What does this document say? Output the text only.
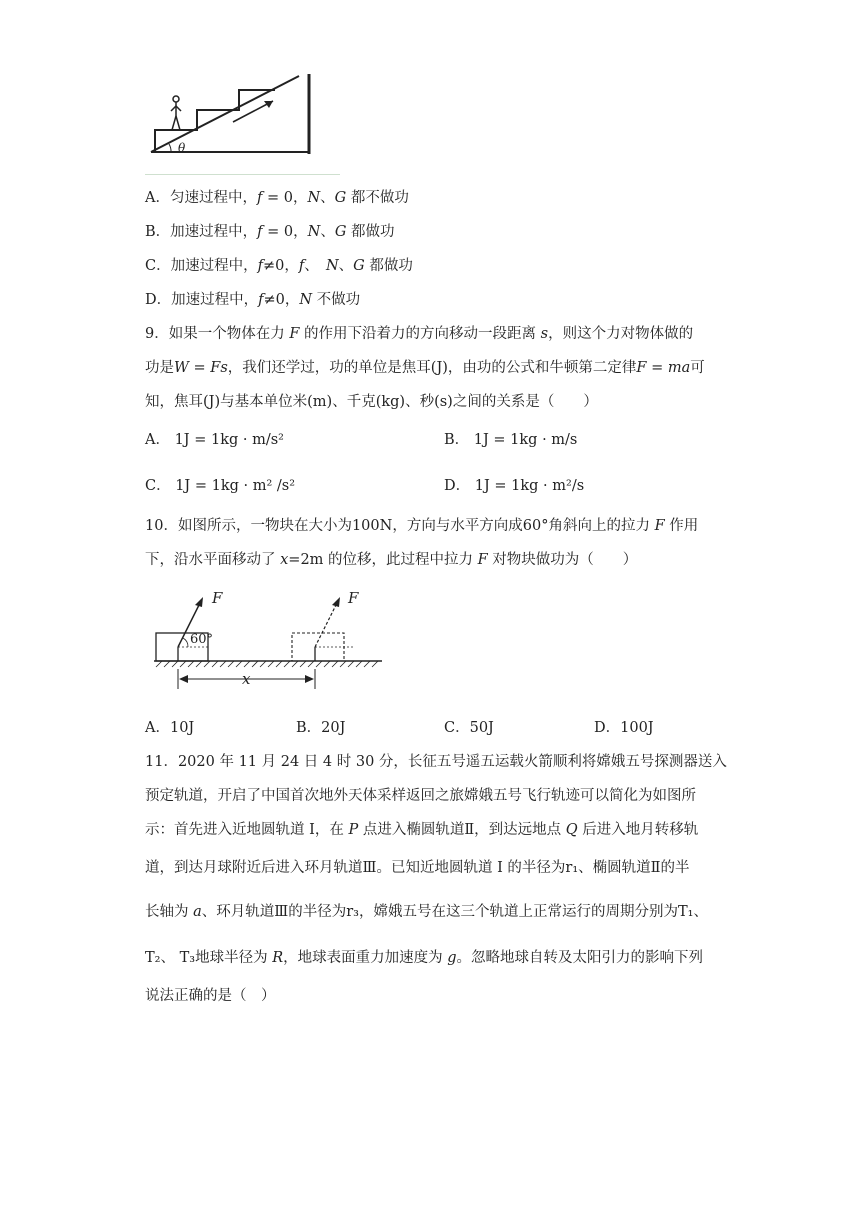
θ
A．匀速过程中，f = 0，N、G 都不做功
B．加速过程中，f = 0，N、G 都做功
C．加速过程中，f≠0，f、　N、G 都做功
D．加速过程中，f≠0，N 不做功
9．如果一个物体在力 F 的作用下沿着力的方向移动一段距离 s，则这个力对物体做的
功是W = Fs，我们还学过，功的单位是焦耳(J)，由功的公式和牛顿第二定律F = ma可
知，焦耳(J)与基本单位米(m)、千克(kg)、秒(s)之间的关系是（　　）
A． 1J = 1kg · m/s²	B． 1J = 1kg · m/s
C． 1J = 1kg · m² /s²	D． 1J = 1kg · m²/s
10．如图所示，一物块在大小为100N，方向与水平方向成60°角斜向上的拉力 F 作用
下，沿水平面移动了 x=2m 的位移，此过程中拉力 F 对物块做功为（　　）
F	F
60°
x
A．10J	B．20J	C．50J	D．100J
11．2020 年 11 月 24 日 4 时 30 分，长征五号遥五运载火箭顺利将嫦娥五号探测器送入
预定轨道，开启了中国首次地外天体采样返回之旅嫦娥五号飞行轨迹可以简化为如图所
示：首先进入近地圆轨道 I，在 P 点进入椭圆轨道Ⅱ，到达远地点 Q 后进入地月转移轨
道，到达月球附近后进入环月轨道Ⅲ。已知近地圆轨道 I 的半径为r₁、椭圆轨道Ⅱ的半
长轴为 a、环月轨道Ⅲ的半径为r₃，嫦娥五号在这三个轨道上正常运行的周期分别为T₁、
T₂、 T₃地球半径为 R，地球表面重力加速度为 g。忽略地球自转及太阳引力的影响下列
说法正确的是（　）
